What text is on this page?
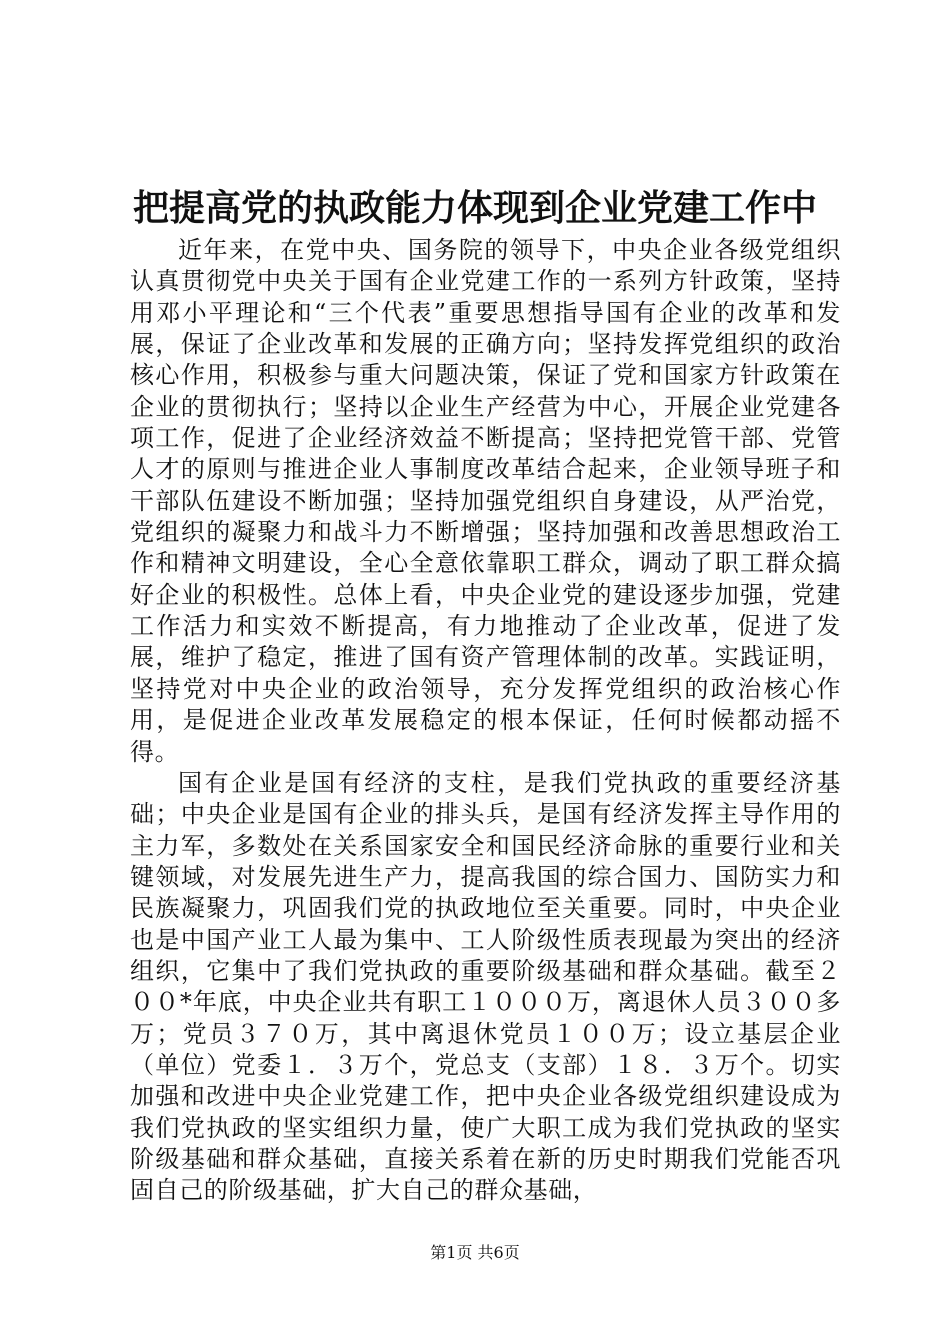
把提高党的执政能力体现到企业党建工作中

近年来，在党中央、国务院的领导下，中央企业各级党组织认真贯彻党中央关于国有企业党建工作的一系列方针政策，坚持用邓小平理论和“三个代表”重要思想指导国有企业的改革和发展，保证了企业改革和发展的正确方向；坚持发挥党组织的政治核心作用，积极参与重大问题决策，保证了党和国家方针政策在企业的贯彻执行；坚持以企业生产经营为中心，开展企业党建各项工作，促进了企业经济效益不断提高；坚持把党管干部、党管人才的原则与推进企业人事制度改革结合起来，企业领导班子和干部队伍建设不断加强；坚持加强党组织自身建设，从严治党，党组织的凝聚力和战斗力不断增强；坚持加强和改善思想政治工作和精神文明建设，全心全意依靠职工群众，调动了职工群众搞好企业的积极性。总体上看，中央企业党的建设逐步加强，党建工作活力和实效不断提高，有力地推动了企业改革，促进了发展，维护了稳定，推进了国有资产管理体制的改革。实践证明，坚持党对中央企业的政治领导，充分发挥党组织的政治核心作用，是促进企业改革发展稳定的根本保证，任何时候都动摇不得。

国有企业是国有经济的支柱，是我们党执政的重要经济基础；中央企业是国有企业的排头兵，是国有经济发挥主导作用的主力军，多数处在关系国家安全和国民经济命脉的重要行业和关键领域，对发展先进生产力，提高我国的综合国力、国防实力和民族凝聚力，巩固我们党的执政地位至关重要。同时，中央企业也是中国产业工人最为集中、工人阶级性质表现最为突出的经济组织，它集中了我们党执政的重要阶级基础和群众基础。截至２００*年底，中央企业共有职工１０００万，离退休人员３００多万；党员３７０万，其中离退休党员１００万；设立基层企业（单位）党委１．３万个，党总支（支部）１８．３万个。切实加强和改进中央企业党建工作，把中央企业各级党组织建设成为我们党执政的坚实组织力量，使广大职工成为我们党执政的坚实阶级基础和群众基础，直接关系着在新的历史时期我们党能否巩固自己的阶级基础，扩大自己的群众基础，

第1页 共6页
